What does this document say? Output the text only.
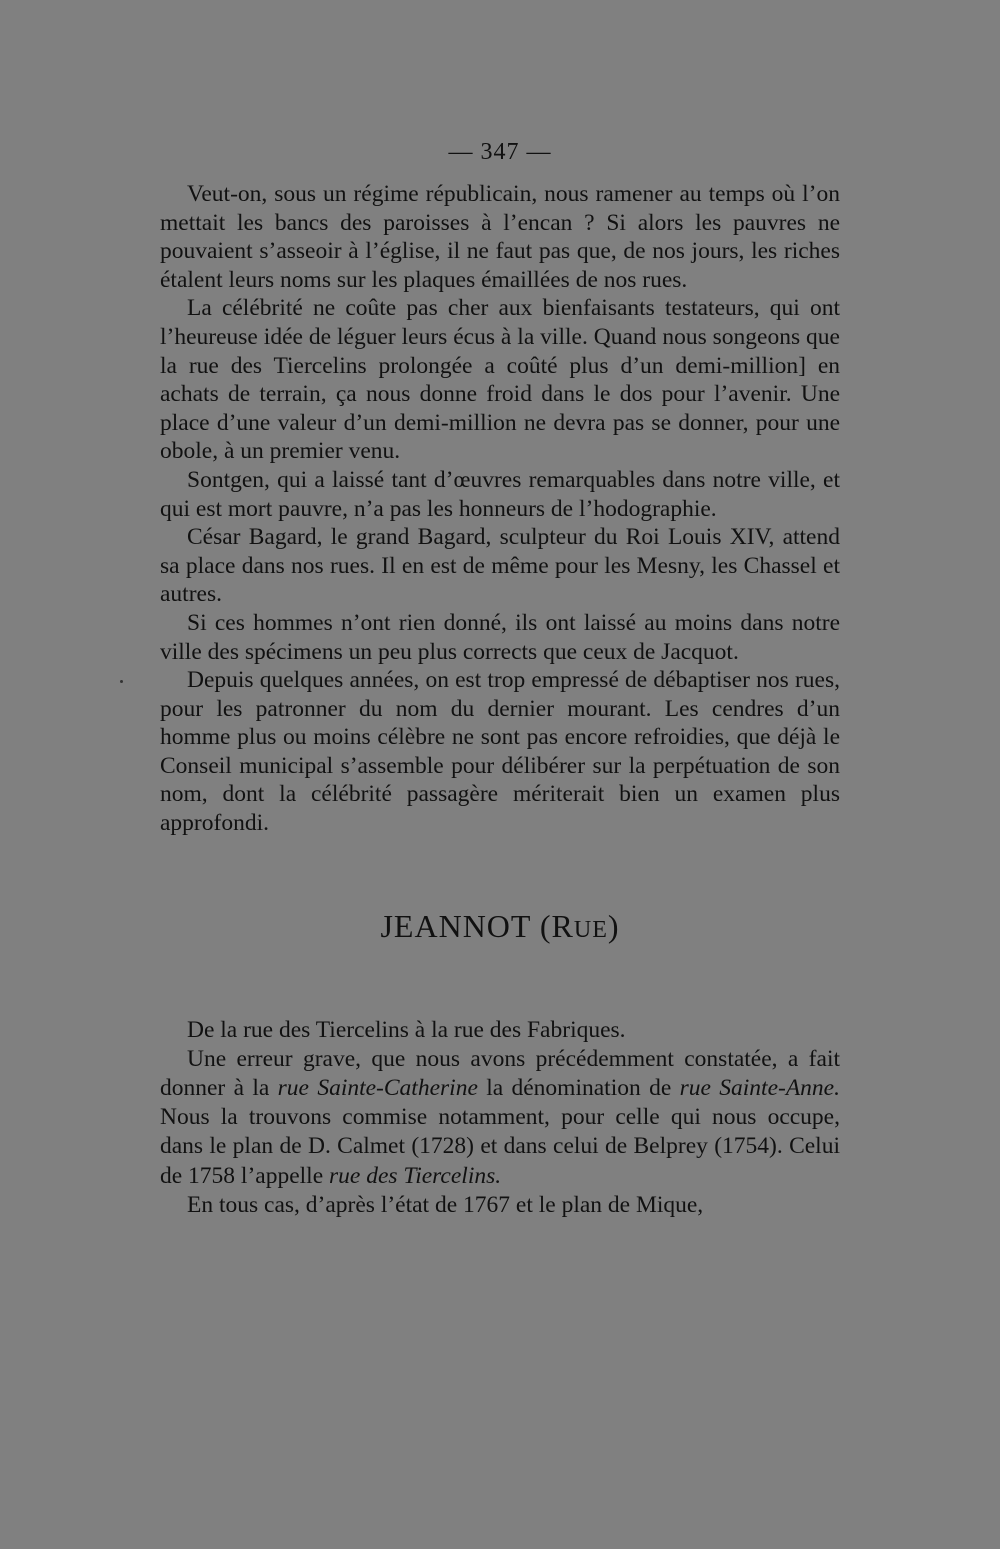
— 347 —

Veut-on, sous un régime républicain, nous ramener au temps où l’on mettait les bancs des paroisses à l’encan ? Si alors les pauvres ne pouvaient s’asseoir à l’église, il ne faut pas que, de nos jours, les riches étalent leurs noms sur les plaques émaillées de nos rues.

La célébrité ne coûte pas cher aux bienfaisants testateurs, qui ont l’heureuse idée de léguer leurs écus à la ville. Quand nous songeons que la rue des Tiercelins prolongée a coûté plus d’un demi-million] en achats de terrain, ça nous donne froid dans le dos pour l’avenir. Une place d’une valeur d’un demi-million ne devra pas se donner, pour une obole, à un premier venu.

Sontgen, qui a laissé tant d’œuvres remarquables dans notre ville, et qui est mort pauvre, n’a pas les honneurs de l’hodographie.

César Bagard, le grand Bagard, sculpteur du Roi Louis XIV, attend sa place dans nos rues. Il en est de même pour les Mesny, les Chassel et autres.

Si ces hommes n’ont rien donné, ils ont laissé au moins dans notre ville des spécimens un peu plus corrects que ceux de Jacquot.

Depuis quelques années, on est trop empressé de débaptiser nos rues, pour les patronner du nom du dernier mourant. Les cendres d’un homme plus ou moins célèbre ne sont pas encore refroidies, que déjà le Conseil municipal s’assemble pour délibérer sur la perpétuation de son nom, dont la célébrité passagère mériterait bien un examen plus approfondi.

JEANNOT (RUE)

De la rue des Tiercelins à la rue des Fabriques.

Une erreur grave, que nous avons précédemment constatée, a fait donner à la rue Sainte-Catherine la dénomination de rue Sainte-Anne. Nous la trouvons commise notamment, pour celle qui nous occupe, dans le plan de D. Calmet (1728) et dans celui de Belprey (1754). Celui de 1758 l’appelle rue des Tiercelins.

En tous cas, d’après l’état de 1767 et le plan de Mique,
